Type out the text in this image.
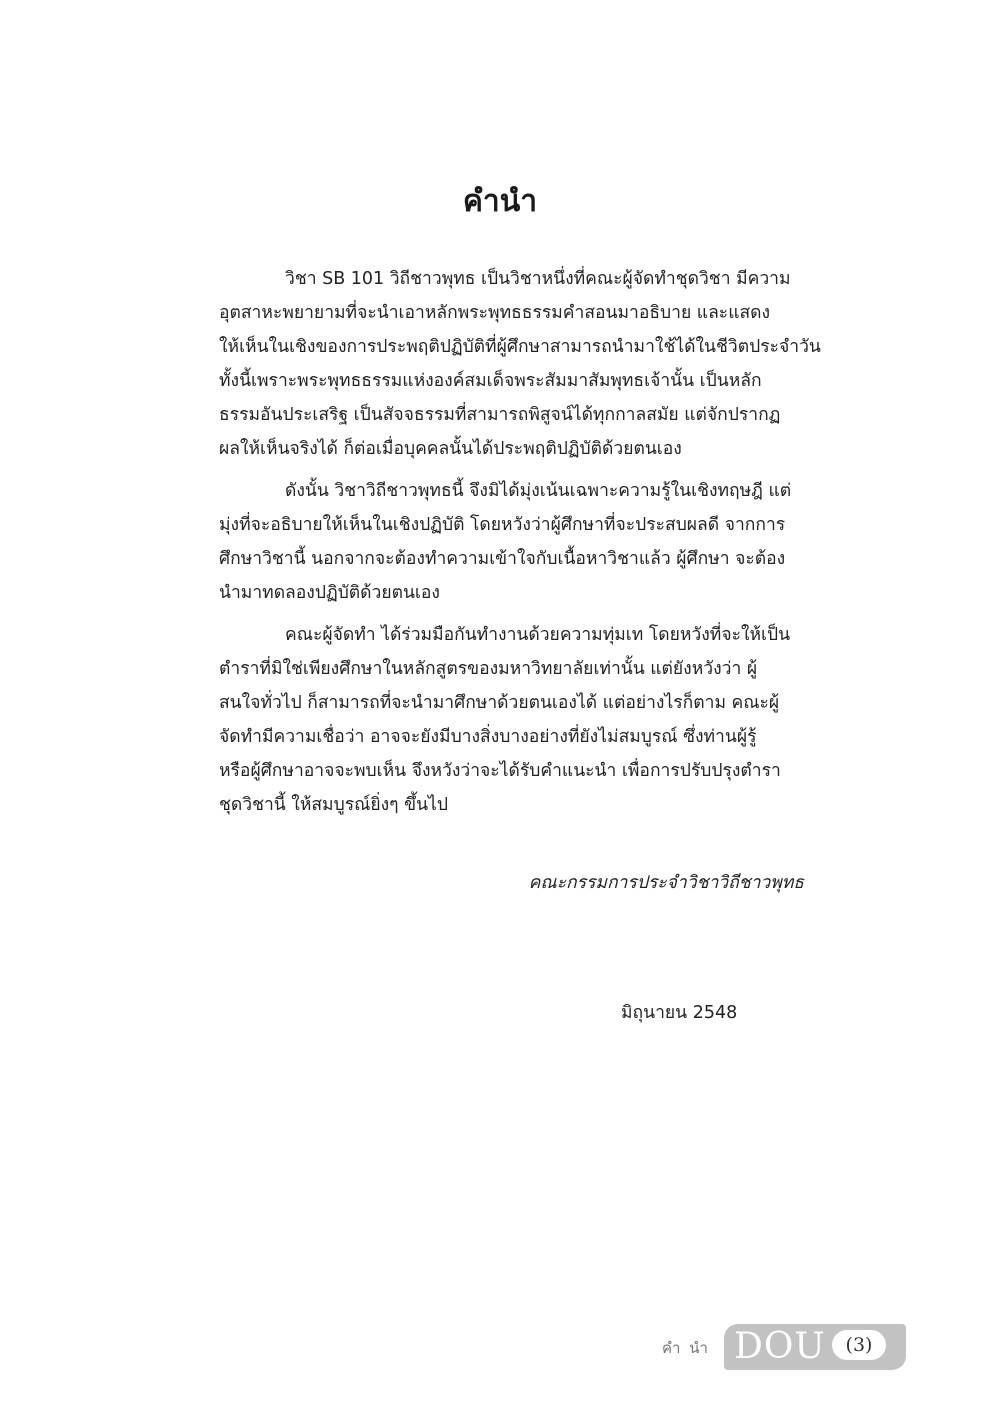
คำนำ

วิชา SB 101 วิถีชาวพุทธ เป็นวิชาหนึ่งที่คณะผู้จัดทำชุดวิชา มีความ
อุตสาหะพยายามที่จะนำเอาหลักพระพุทธธรรมคำสอนมาอธิบาย และแสดง
ให้เห็นในเชิงของการประพฤติปฏิบัติที่ผู้ศึกษาสามารถนำมาใช้ได้ในชีวิตประจำวัน
ทั้งนี้เพราะพระพุทธธรรมแห่งองค์สมเด็จพระสัมมาสัมพุทธเจ้านั้น เป็นหลัก
ธรรมอันประเสริฐ เป็นสัจจธรรมที่สามารถพิสูจน์ได้ทุกกาลสมัย แต่จักปรากฏ
ผลให้เห็นจริงได้ ก็ต่อเมื่อบุคคลนั้นได้ประพฤติปฏิบัติด้วยตนเอง

ดังนั้น วิชาวิถีชาวพุทธนี้ จึงมิได้มุ่งเน้นเฉพาะความรู้ในเชิงทฤษฎี แต่
มุ่งที่จะอธิบายให้เห็นในเชิงปฏิบัติ โดยหวังว่าผู้ศึกษาที่จะประสบผลดี จากการ
ศึกษาวิชานี้ นอกจากจะต้องทำความเข้าใจกับเนื้อหาวิชาแล้ว ผู้ศึกษา จะต้อง
นำมาทดลองปฏิบัติด้วยตนเอง

คณะผู้จัดทำ ได้ร่วมมือกันทำงานด้วยความทุ่มเท โดยหวังที่จะให้เป็น
ตำราที่มิใช่เพียงศึกษาในหลักสูตรของมหาวิทยาลัยเท่านั้น แต่ยังหวังว่า ผู้
สนใจทั่วไป ก็สามารถที่จะนำมาศึกษาด้วยตนเองได้ แต่อย่างไรก็ตาม คณะผู้
จัดทำมีความเชื่อว่า อาจจะยังมีบางสิ่งบางอย่างที่ยังไม่สมบูรณ์ ซึ่งท่านผู้รู้
หรือผู้ศึกษาอาจจะพบเห็น จึงหวังว่าจะได้รับคำแนะนำ เพื่อการปรับปรุงตำรา
ชุดวิชานี้ ให้สมบูรณ์ยิ่งๆ ขึ้นไป

คณะกรรมการประจำวิชาวิถีชาวพุทธ
มิถุนายน 2548
คำ นำ DOU	(3)
